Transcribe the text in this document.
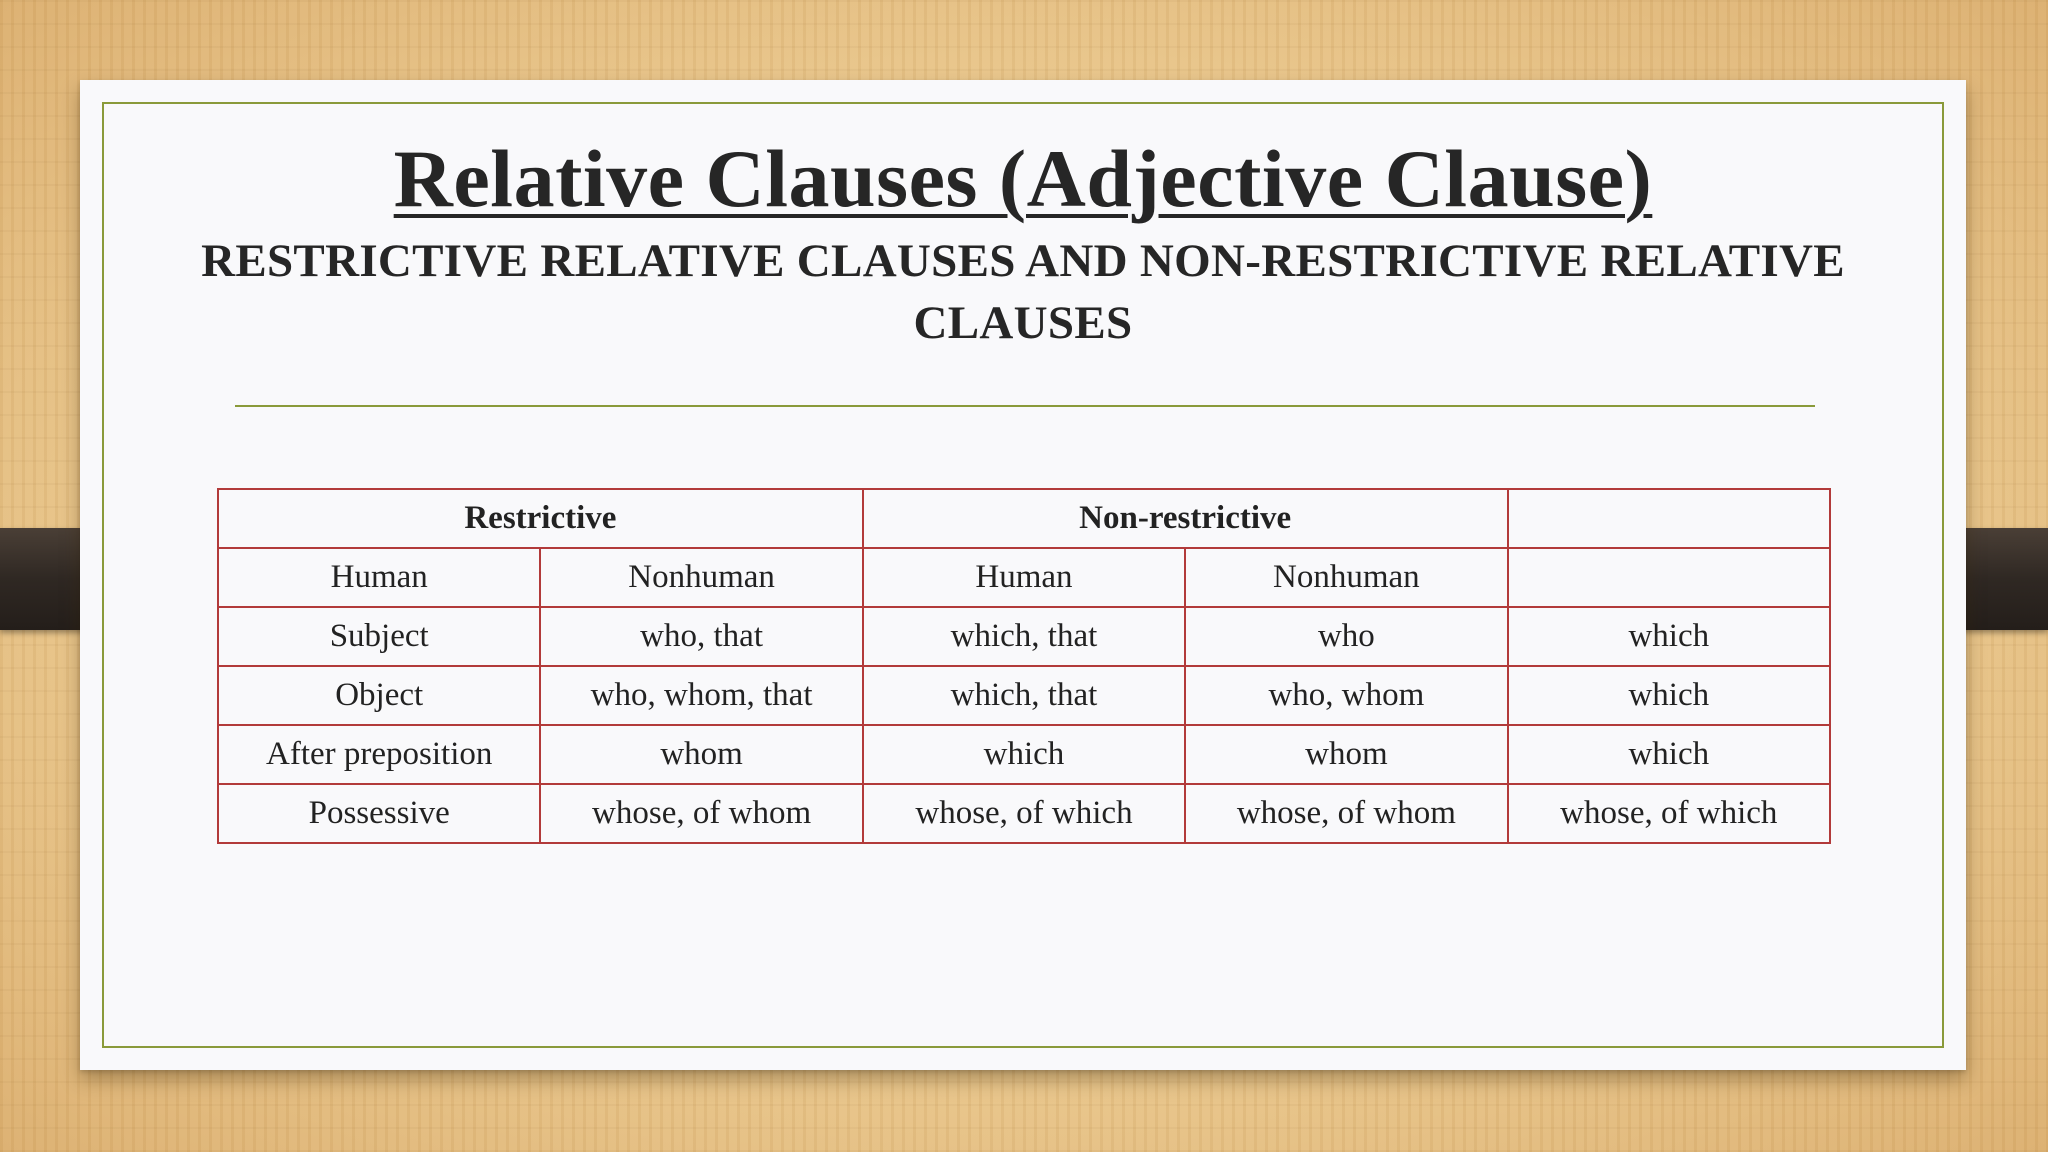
Relative Clauses (Adjective Clause)
RESTRICTIVE RELATIVE CLAUSES AND NON-RESTRICTIVE RELATIVE CLAUSES
Restrictive		Non-restrictive		
Human	Nonhuman	Human	Nonhuman	
Subject	who, that	which, that	who	which
Object	who, whom, that	which, that	who, whom	which
After preposition	whom	which	whom	which
Possessive	whose, of whom	whose, of which	whose, of whom	whose, of which
